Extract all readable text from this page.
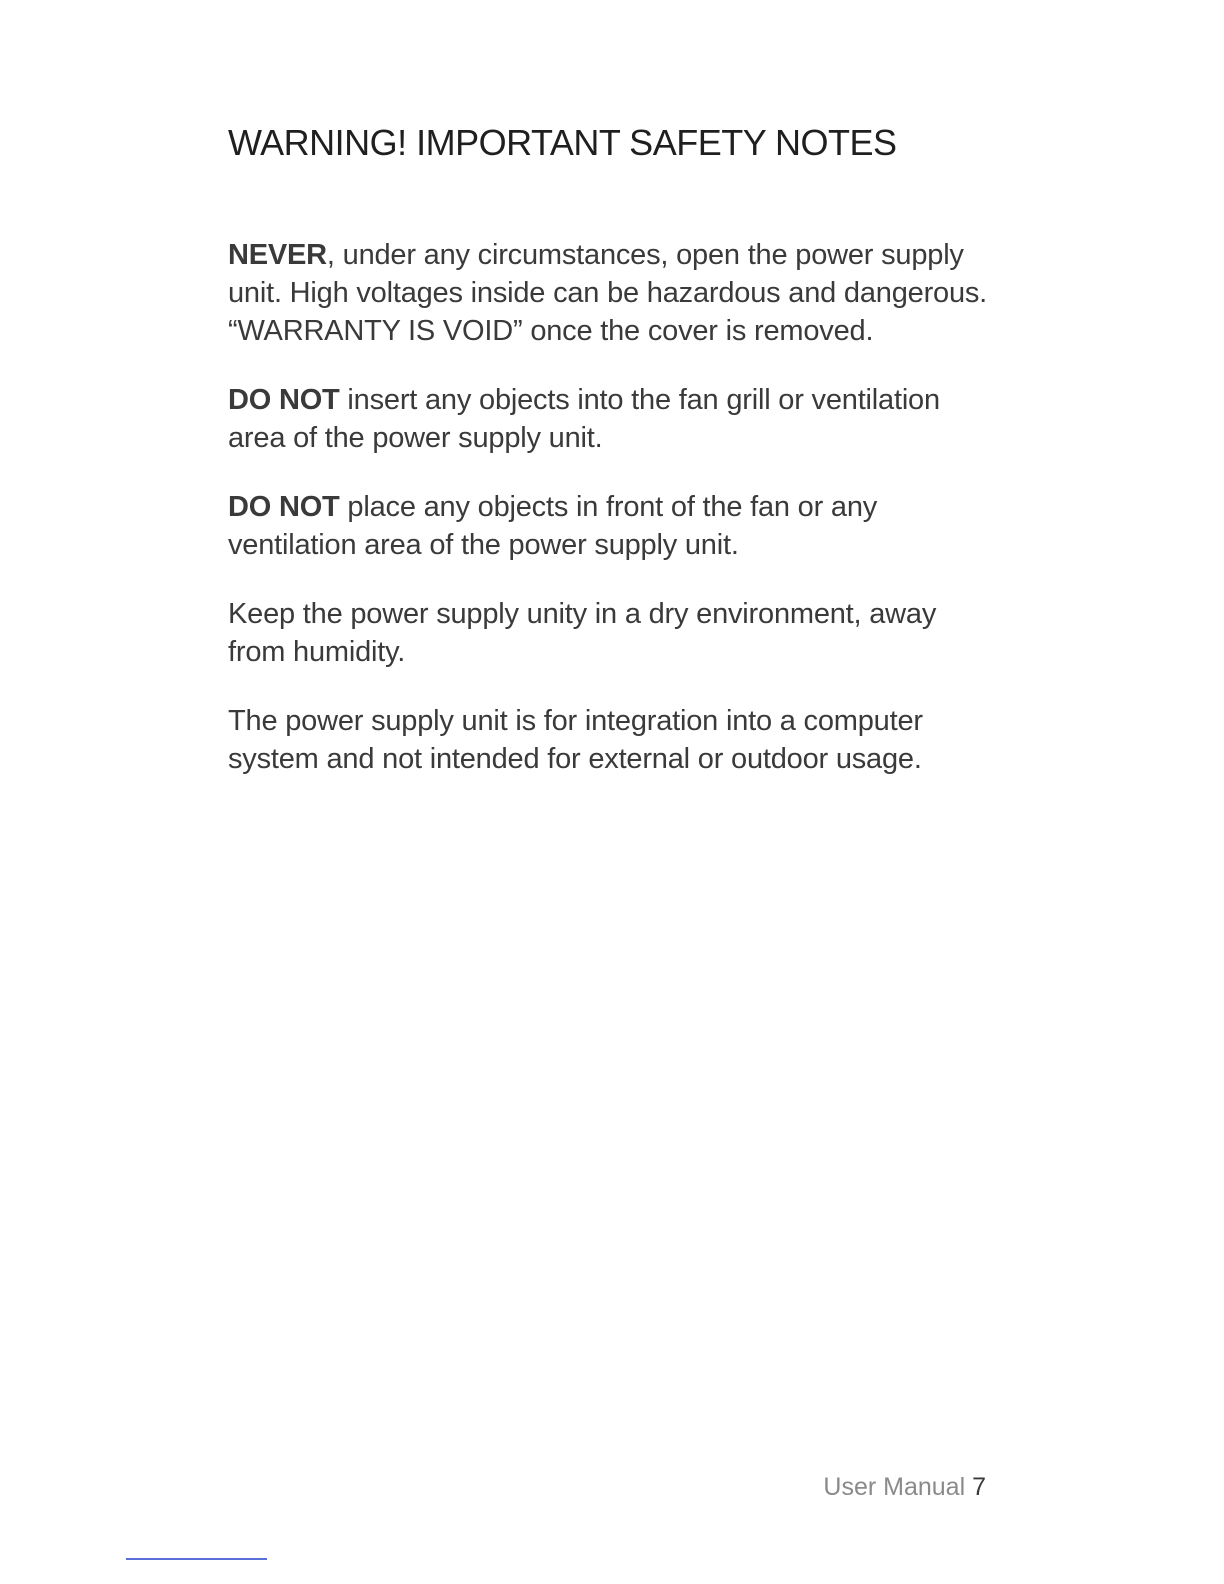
WARNING! IMPORTANT SAFETY NOTES

NEVER, under any circumstances, open the power supply unit. High voltages inside can be hazardous and dangerous. “WARRANTY IS VOID” once the cover is removed.

DO NOT insert any objects into the fan grill or ventilation area of the power supply unit.

DO NOT place any objects in front of the fan or any ventilation area of the power supply unit.

Keep the power supply unity in a dry environment, away from humidity.

The power supply unit is for integration into a computer system and not intended for external or outdoor usage.

User Manual 7
